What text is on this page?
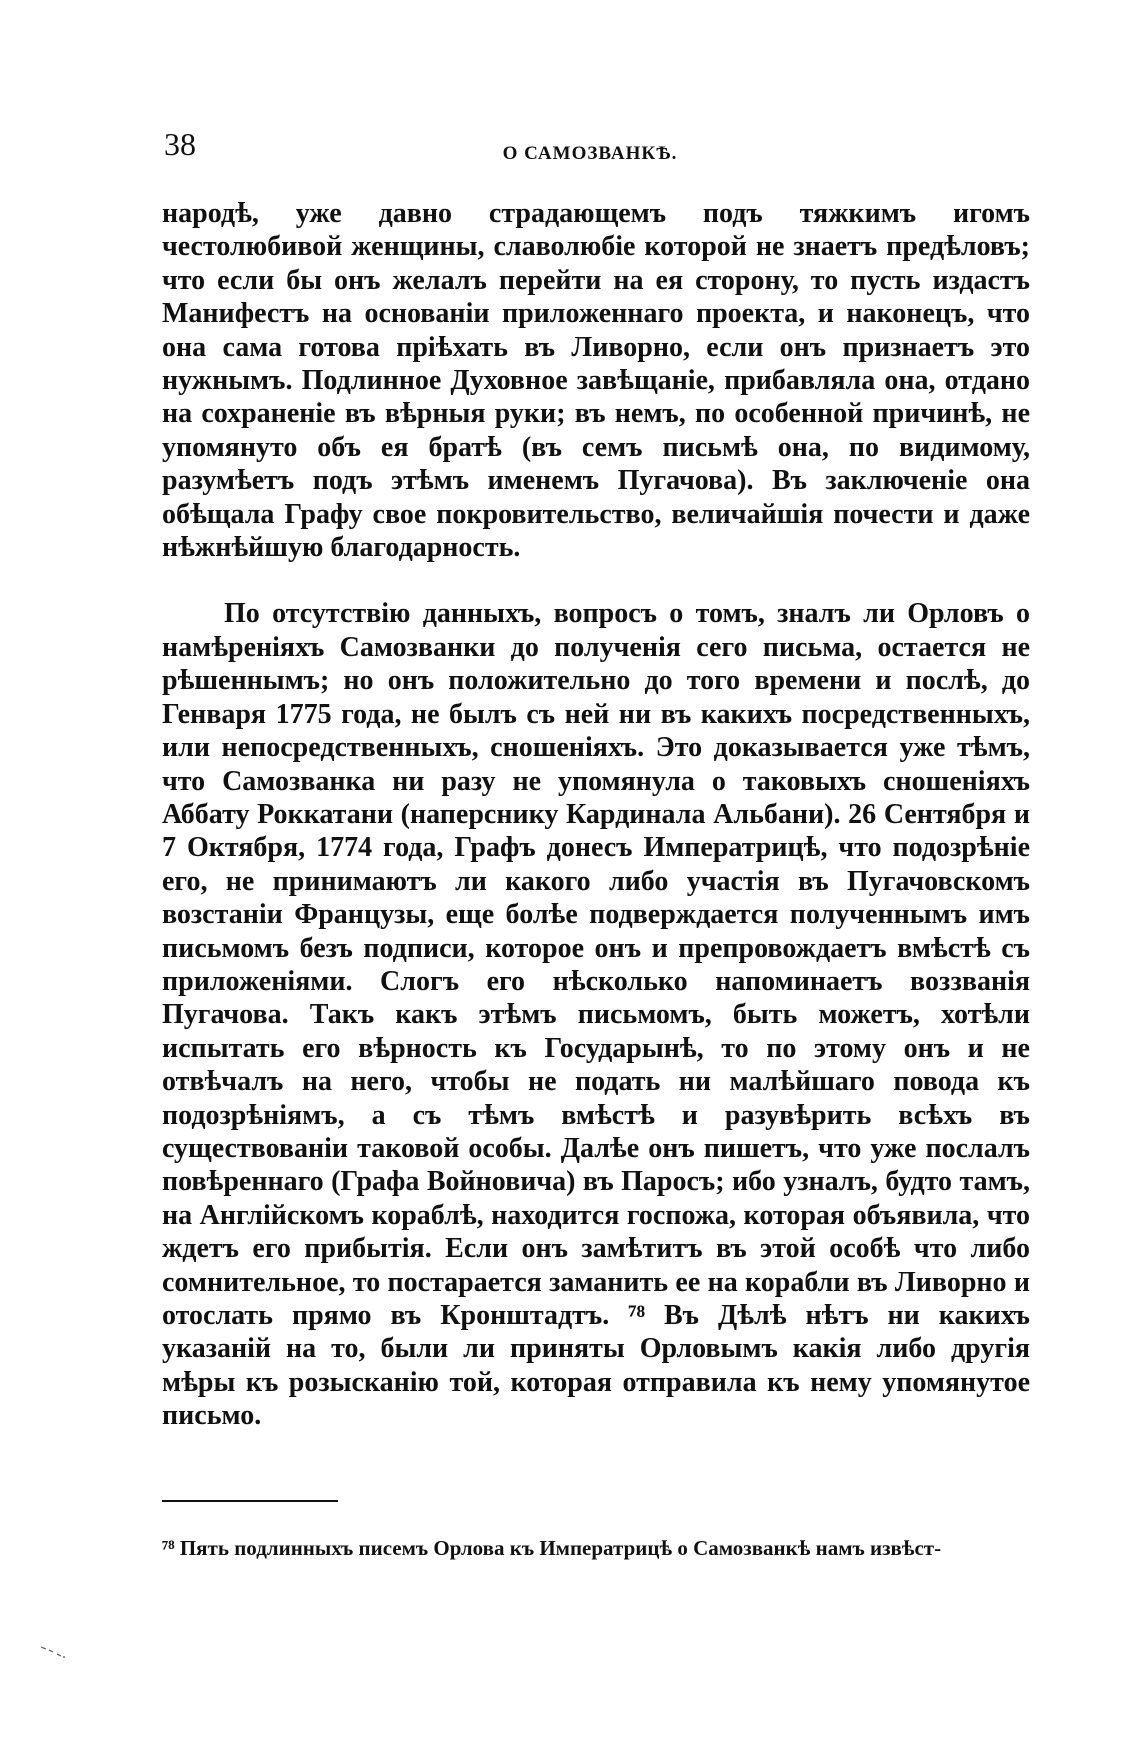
38	О САМОЗВАНКѢ.

народѣ, уже давно страдающемъ подъ тяжкимъ игомъ честолюбивой женщины, славолюбіе которой не знаетъ предѣловъ; что если бы онъ желалъ перейти на ея сторону, то пусть издастъ Манифестъ на основаніи приложеннаго проекта, и наконецъ, что она сама готова пріѣхать въ Ливорно, если онъ признаетъ это нужнымъ. Подлинное Духовное завѣщаніе, прибавляла она, отдано на сохраненіе въ вѣрныя руки; въ немъ, по особенной причинѣ, не упомянуто объ ея братѣ (въ семъ письмѣ она, по видимому, разумѣетъ подъ этѣмъ именемъ Пугачова). Въ заключеніе она обѣщала Графу свое покровительство, величайшія почести и даже нѣжнѣйшую благодарность.

По отсутствію данныхъ, вопросъ о томъ, зналъ ли Орловъ о намѣреніяхъ Самозванки до полученія сего письма, остается не рѣшеннымъ; но онъ положительно до того времени и послѣ, до Генваря 1775 года, не былъ съ ней ни въ какихъ посредственныхъ, или непосредственныхъ, сношеніяхъ. Это доказывается уже тѣмъ, что Самозванка ни разу не упомянула о таковыхъ сношеніяхъ Аббату Роккатани (наперснику Кардинала Альбани). 26 Сентября и 7 Октября, 1774 года, Графъ донесъ Императрицѣ, что подозрѣніе его, не принимаютъ ли какого либо участія въ Пугачовскомъ возстаніи Французы, еще болѣе подверждается полученнымъ имъ письмомъ безъ подписи, которое онъ и препровождаетъ вмѣстѣ съ приложеніями. Слогъ его нѣсколько напоминаетъ воззванія Пугачова. Такъ какъ этѣмъ письмомъ, быть можетъ, хотѣли испытать его вѣрность къ Государынѣ, то по этому онъ и не отвѣчалъ на него, чтобы не подать ни малѣйшаго повода къ подозрѣніямъ, а съ тѣмъ вмѣстѣ и разувѣрить всѣхъ въ существованіи таковой особы. Далѣе онъ пишетъ, что уже послалъ повѣреннаго (Графа Войновича) въ Паросъ; ибо узналъ, будто тамъ, на Англійскомъ кораблѣ, находится госпожа, которая объявила, что ждетъ его прибытія. Если онъ замѣтитъ въ этой особѣ что либо сомнительное, то постарается заманить ее на корабли въ Ливорно и отослать прямо въ Кронштадтъ. ⁷⁸ Въ Дѣлѣ нѣтъ ни какихъ указаній на то, были ли приняты Орловымъ какія либо другія мѣры къ розысканію той, которая отправила къ нему упомянутое письмо.

⁷⁸ Пять подлинныхъ писемъ Орлова къ Императрицѣ о Самозванкѣ намъ извѣст-
